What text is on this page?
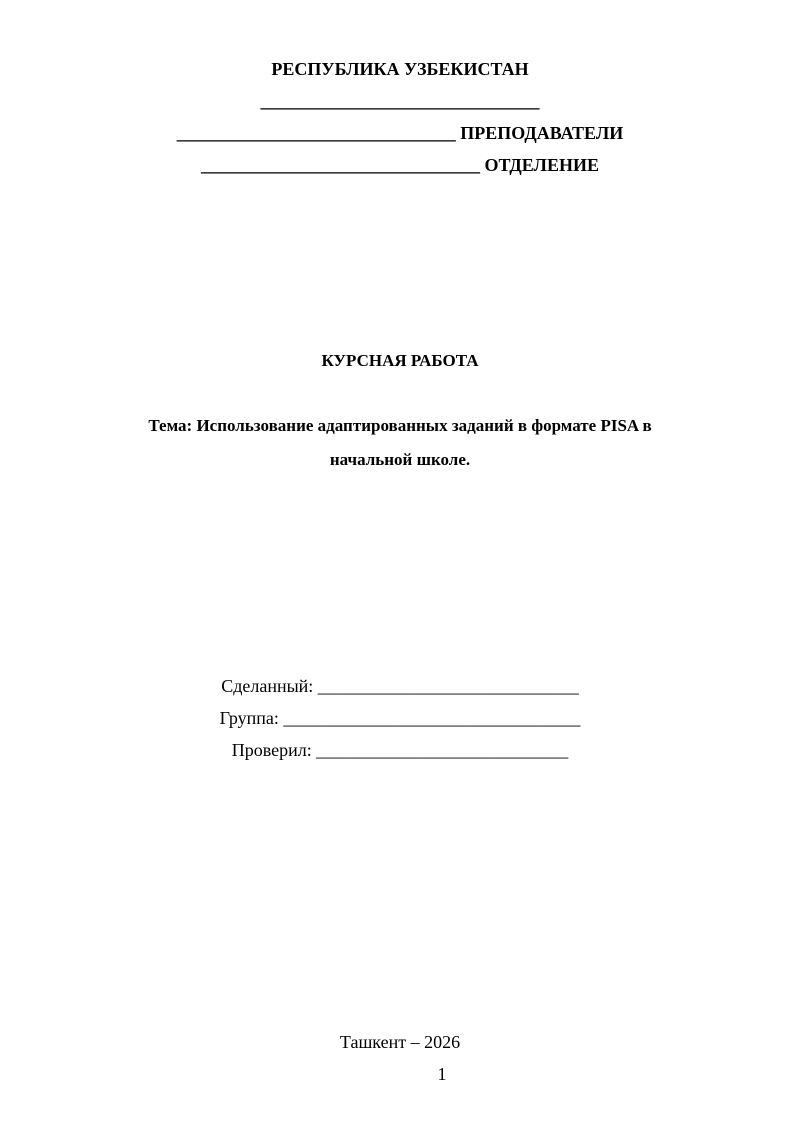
РЕСПУБЛИКА УЗБЕКИСТАН
_______________________________
_______________________________ ПРЕПОДАВАТЕЛИ
_______________________________ ОТДЕЛЕНИЕ
КУРСНАЯ РАБОТА
Тема: Использование адаптированных заданий в формате PISA в
начальной школе.
Сделанный: _____________________________
Группа: _________________________________
Проверил: ____________________________
Ташкент – 2026
1
